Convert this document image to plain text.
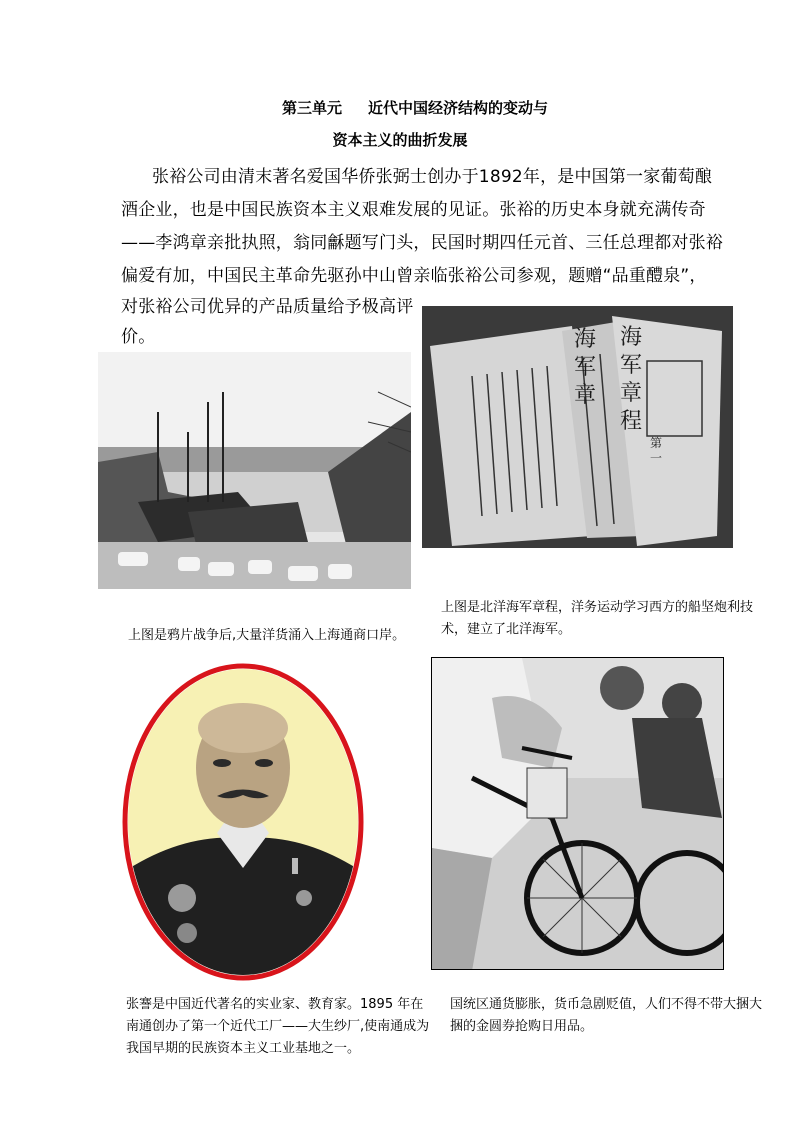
第三单元 近代中国经济结构的变动与
资本主义的曲折发展
张裕公司由清末著名爱国华侨张弼士创办于1892年，是中国第一家葡萄酿
酒企业，也是中国民族资本主义艰难发展的见证。张裕的历史本身就充满传奇
——李鸿章亲批执照，翁同龢题写门头，民国时期四任元首、三任总理都对张裕
偏爱有加，中国民主革命先驱孙中山曾亲临张裕公司参观，题赠“品重醴泉”，
对张裕公司优异的产品质量给予极高评
价。
上图是鸦片战争后,大量洋货涌入上海通商口岸。
海军章
海军章程
第一
上图是北洋海军章程，洋务运动学习西方的船坚炮利技术，建立了北洋海军。
张謇是中国近代著名的实业家、教育家。1895 年在南通创办了第一个近代工厂——大生纱厂,使南通成为我国早期的民族资本主义工业基地之一。
国统区通货膨胀，货币急剧贬值，人们不得不带大捆大捆的金圆券抢购日用品。
